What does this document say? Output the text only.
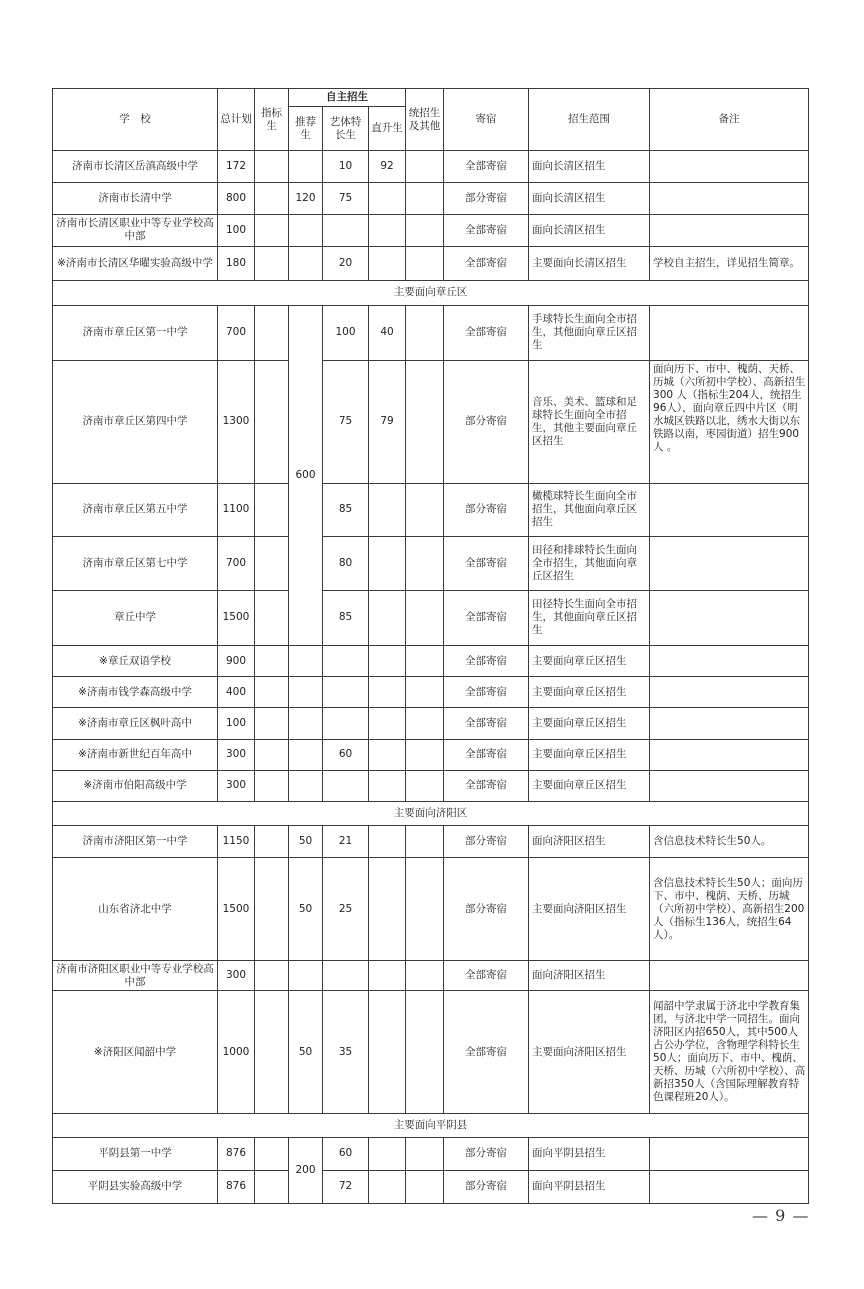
学　校	总计划	指标生	自主招生			统招生及其他	寄宿	招生范围	备注
			推荐生	艺体特长生	直升生				
济南市长清区岳滇高级中学	172			10	92		全部寄宿	面向长清区招生	
济南市长清中学	800		120	75			部分寄宿	面向长清区招生	
济南市长清区职业中等专业学校高中部	100						全部寄宿	面向长清区招生	
※济南市长清区华曜实验高级中学	180			20			全部寄宿	主要面向长清区招生	学校自主招生，详见招生简章。
主要面向章丘区									
济南市章丘区第一中学	700		600	100	40		全部寄宿	手球特长生面向全市招生，其他面向章丘区招生	
济南市章丘区第四中学	1300			75	79		部分寄宿	音乐、美术、篮球和足球特长生面向全市招生，其他主要面向章丘区招生	面向历下、市中、槐荫、天桥、历城（六所初中学校）、高新招生300 人（指标生204人，统招生96人），面向章丘四中片区（明水城区铁路以北，绣水大街以东铁路以南，枣园街道）招生900人 。
济南市章丘区第五中学	1100			85			部分寄宿	橄榄球特长生面向全市招生，其他面向章丘区招生	
济南市章丘区第七中学	700			80			全部寄宿	田径和排球特长生面向全市招生，其他面向章丘区招生	
章丘中学	1500			85			全部寄宿	田径特长生面向全市招生，其他面向章丘区招生	
※章丘双语学校	900						全部寄宿	主要面向章丘区招生	
※济南市钱学森高级中学	400						全部寄宿	主要面向章丘区招生	
※济南市章丘区枫叶高中	100						全部寄宿	主要面向章丘区招生	
※济南市新世纪百年高中	300			60			全部寄宿	主要面向章丘区招生	
※济南市伯阳高级中学	300						全部寄宿	主要面向章丘区招生	
主要面向济阳区									
济南市济阳区第一中学	1150		50	21			部分寄宿	面向济阳区招生	含信息技术特长生50人。
山东省济北中学	1500		50	25			部分寄宿	主要面向济阳区招生	含信息技术特长生50人；面向历下、市中、槐荫、天桥、历城（六所初中学校）、高新招生200 人（指标生136人，统招生64人）。
济南市济阳区职业中等专业学校高中部	300						全部寄宿	面向济阳区招生	
※济阳区闻韶中学	1000		50	35			全部寄宿	主要面向济阳区招生	闻韶中学隶属于济北中学教育集团，与济北中学一同招生。面向济阳区内招650人，其中500人占公办学位，含物理学科特长生50人；面向历下、市中、槐荫、天桥、历城（六所初中学校）、高新招350人（含国际理解教育特色课程班20人）。
主要面向平阴县									
平阴县第一中学	876		200	60			部分寄宿	面向平阴县招生	
平阴县实验高级中学	876			72			部分寄宿	面向平阴县招生	
— 9 —
